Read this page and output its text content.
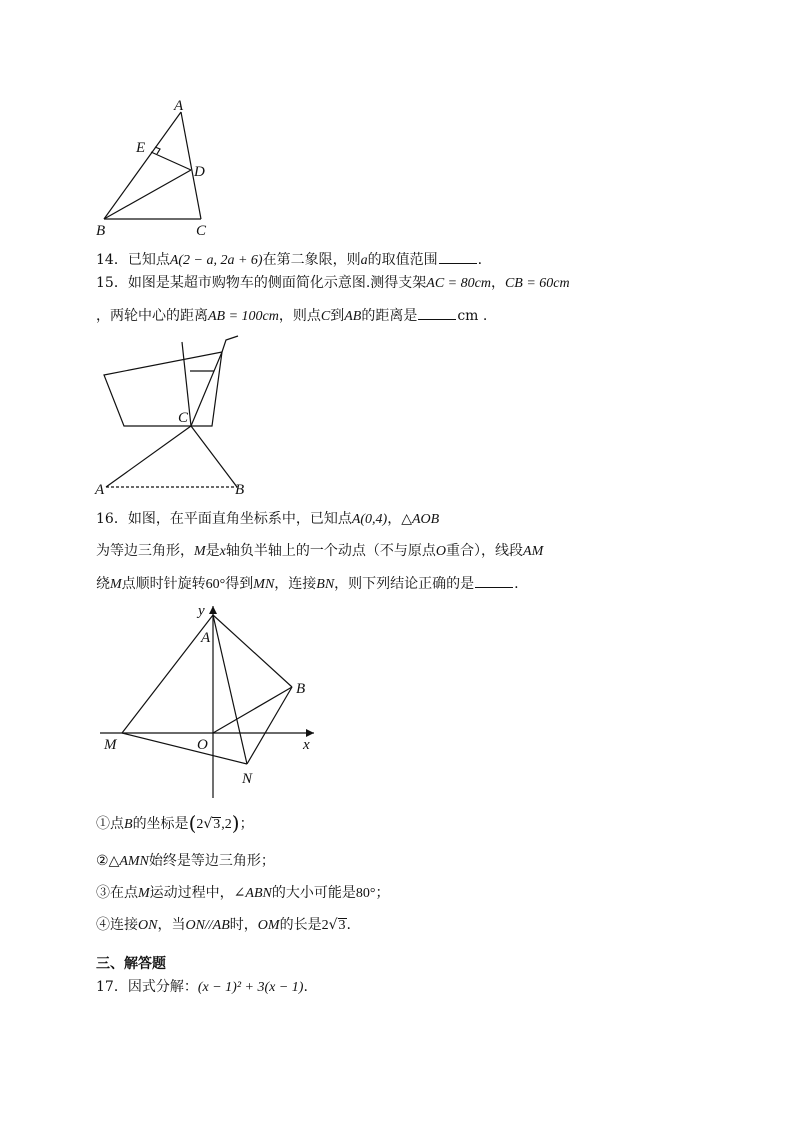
A
E
D
B	C
14．已知点A(2 − a, 2a + 6)在第二象限，则a的取值范围	.
15．如图是某超市购物车的侧面简化示意图.测得支架AC = 80cm，CB = 60cm
，两轮中心的距离AB = 100cm，则点C到AB的距离是	cm .
C
A	B
16．如图，在平面直角坐标系中，已知点A(0,4)，△AOB
为等边三角形，M是x轴负半轴上的一个动点（不与原点O重合），线段AM
绕M点顺时针旋转60°得到MN，连接BN，则下列结论正确的是	.
y
A
B
M	O	x
N
①点B的坐标是(2√3,2)；
②△AMN始终是等边三角形；
③在点M运动过程中，∠ABN的大小可能是80°；
④连接ON，当ON//AB时，OM的长是2√3.
三、解答题
17．因式分解：(x − 1)² + 3(x − 1).
